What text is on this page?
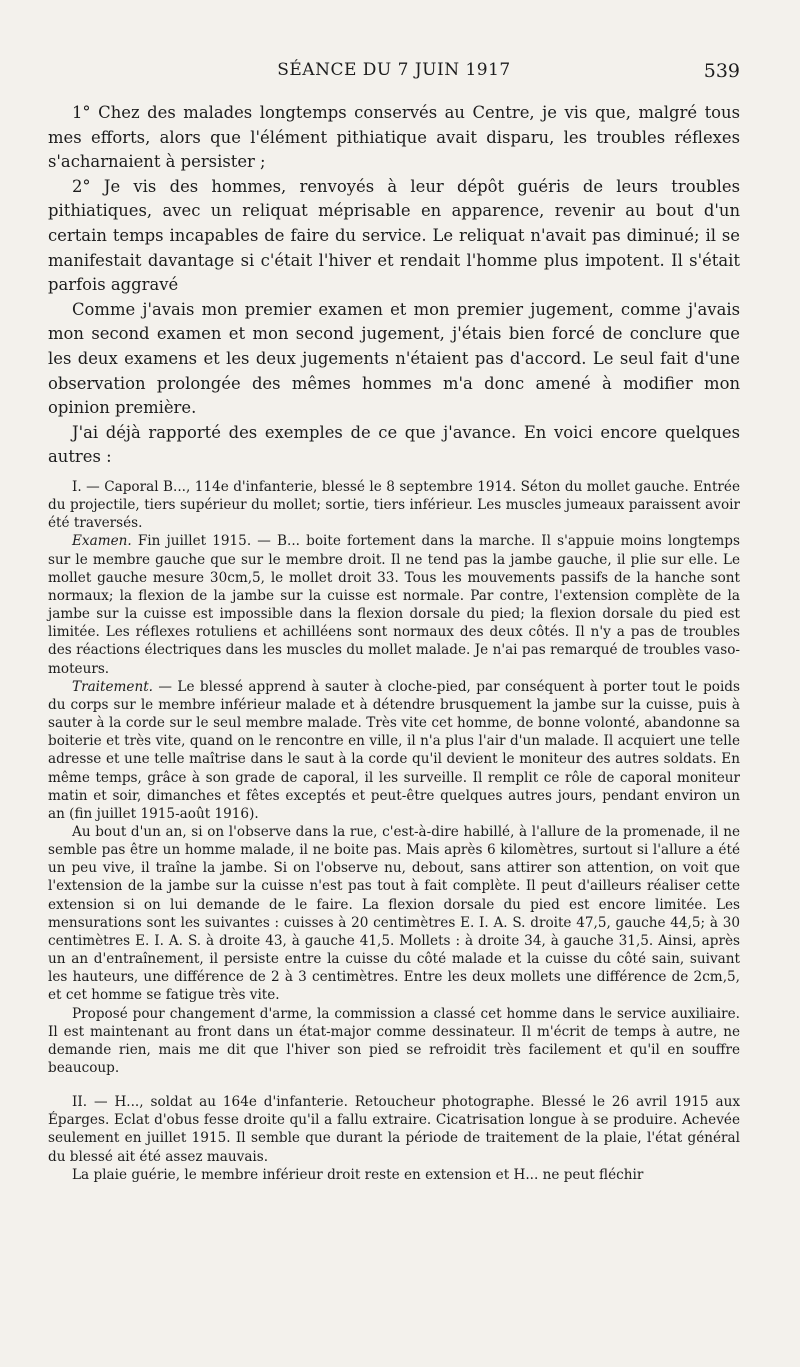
SÉANCE DU 7 JUIN 1917	539

1° Chez des malades longtemps conservés au Centre, je vis que, malgré tous mes efforts, alors que l'élément pithiatique avait disparu, les troubles réflexes s'acharnaient à persister ;

2° Je vis des hommes, renvoyés à leur dépôt guéris de leurs troubles pithiatiques, avec un reliquat méprisable en apparence, revenir au bout d'un certain temps incapables de faire du service. Le reliquat n'avait pas diminué; il se manifestait davantage si c'était l'hiver et rendait l'homme plus impotent. Il s'était parfois aggravé

Comme j'avais mon premier examen et mon premier jugement, comme j'avais mon second examen et mon second jugement, j'étais bien forcé de conclure que les deux examens et les deux jugements n'étaient pas d'accord. Le seul fait d'une observation prolongée des mêmes hommes m'a donc amené à modifier mon opinion première.

J'ai déjà rapporté des exemples de ce que j'avance. En voici encore quelques autres :

I. — Caporal B..., 114e d'infanterie, blessé le 8 septembre 1914. Séton du mollet gauche. Entrée du projectile, tiers supérieur du mollet; sortie, tiers inférieur. Les muscles jumeaux paraissent avoir été traversés.

Examen. Fin juillet 1915. — B... boite fortement dans la marche. Il s'appuie moins longtemps sur le membre gauche que sur le membre droit. Il ne tend pas la jambe gauche, il plie sur elle. Le mollet gauche mesure 30cm,5, le mollet droit 33. Tous les mouvements passifs de la hanche sont normaux; la flexion de la jambe sur la cuisse est normale. Par contre, l'extension complète de la jambe sur la cuisse est impossible dans la flexion dorsale du pied; la flexion dorsale du pied est limitée. Les réflexes rotuliens et achilléens sont normaux des deux côtés. Il n'y a pas de troubles des réactions électriques dans les muscles du mollet malade. Je n'ai pas remarqué de troubles vaso-moteurs.

Traitement. — Le blessé apprend à sauter à cloche-pied, par conséquent à porter tout le poids du corps sur le membre inférieur malade et à détendre brusquement la jambe sur la cuisse, puis à sauter à la corde sur le seul membre malade. Très vite cet homme, de bonne volonté, abandonne sa boiterie et très vite, quand on le rencontre en ville, il n'a plus l'air d'un malade. Il acquiert une telle adresse et une telle maîtrise dans le saut à la corde qu'il devient le moniteur des autres soldats. En même temps, grâce à son grade de caporal, il les surveille. Il remplit ce rôle de caporal moniteur matin et soir, dimanches et fêtes exceptés et peut-être quelques autres jours, pendant environ un an (fin juillet 1915-août 1916).

Au bout d'un an, si on l'observe dans la rue, c'est-à-dire habillé, à l'allure de la promenade, il ne semble pas être un homme malade, il ne boite pas. Mais après 6 kilomètres, surtout si l'allure a été un peu vive, il traîne la jambe. Si on l'observe nu, debout, sans attirer son attention, on voit que l'extension de la jambe sur la cuisse n'est pas tout à fait complète. Il peut d'ailleurs réaliser cette extension si on lui demande de le faire. La flexion dorsale du pied est encore limitée. Les mensurations sont les suivantes : cuisses à 20 centimètres E. I. A. S. droite 47,5, gauche 44,5; à 30 centimètres E. I. A. S. à droite 43, à gauche 41,5. Mollets : à droite 34, à gauche 31,5. Ainsi, après un an d'entraînement, il persiste entre la cuisse du côté malade et la cuisse du côté sain, suivant les hauteurs, une différence de 2 à 3 centimètres. Entre les deux mollets une différence de 2cm,5, et cet homme se fatigue très vite.

Proposé pour changement d'arme, la commission a classé cet homme dans le service auxiliaire. Il est maintenant au front dans un état-major comme dessinateur. Il m'écrit de temps à autre, ne demande rien, mais me dit que l'hiver son pied se refroidit très facilement et qu'il en souffre beaucoup.

II. — H..., soldat au 164e d'infanterie. Retoucheur photographe. Blessé le 26 avril 1915 aux Éparges. Eclat d'obus fesse droite qu'il a fallu extraire. Cicatrisation longue à se produire. Achevée seulement en juillet 1915. Il semble que durant la période de traitement de la plaie, l'état général du blessé ait été assez mauvais.

La plaie guérie, le membre inférieur droit reste en extension et H... ne peut fléchir
